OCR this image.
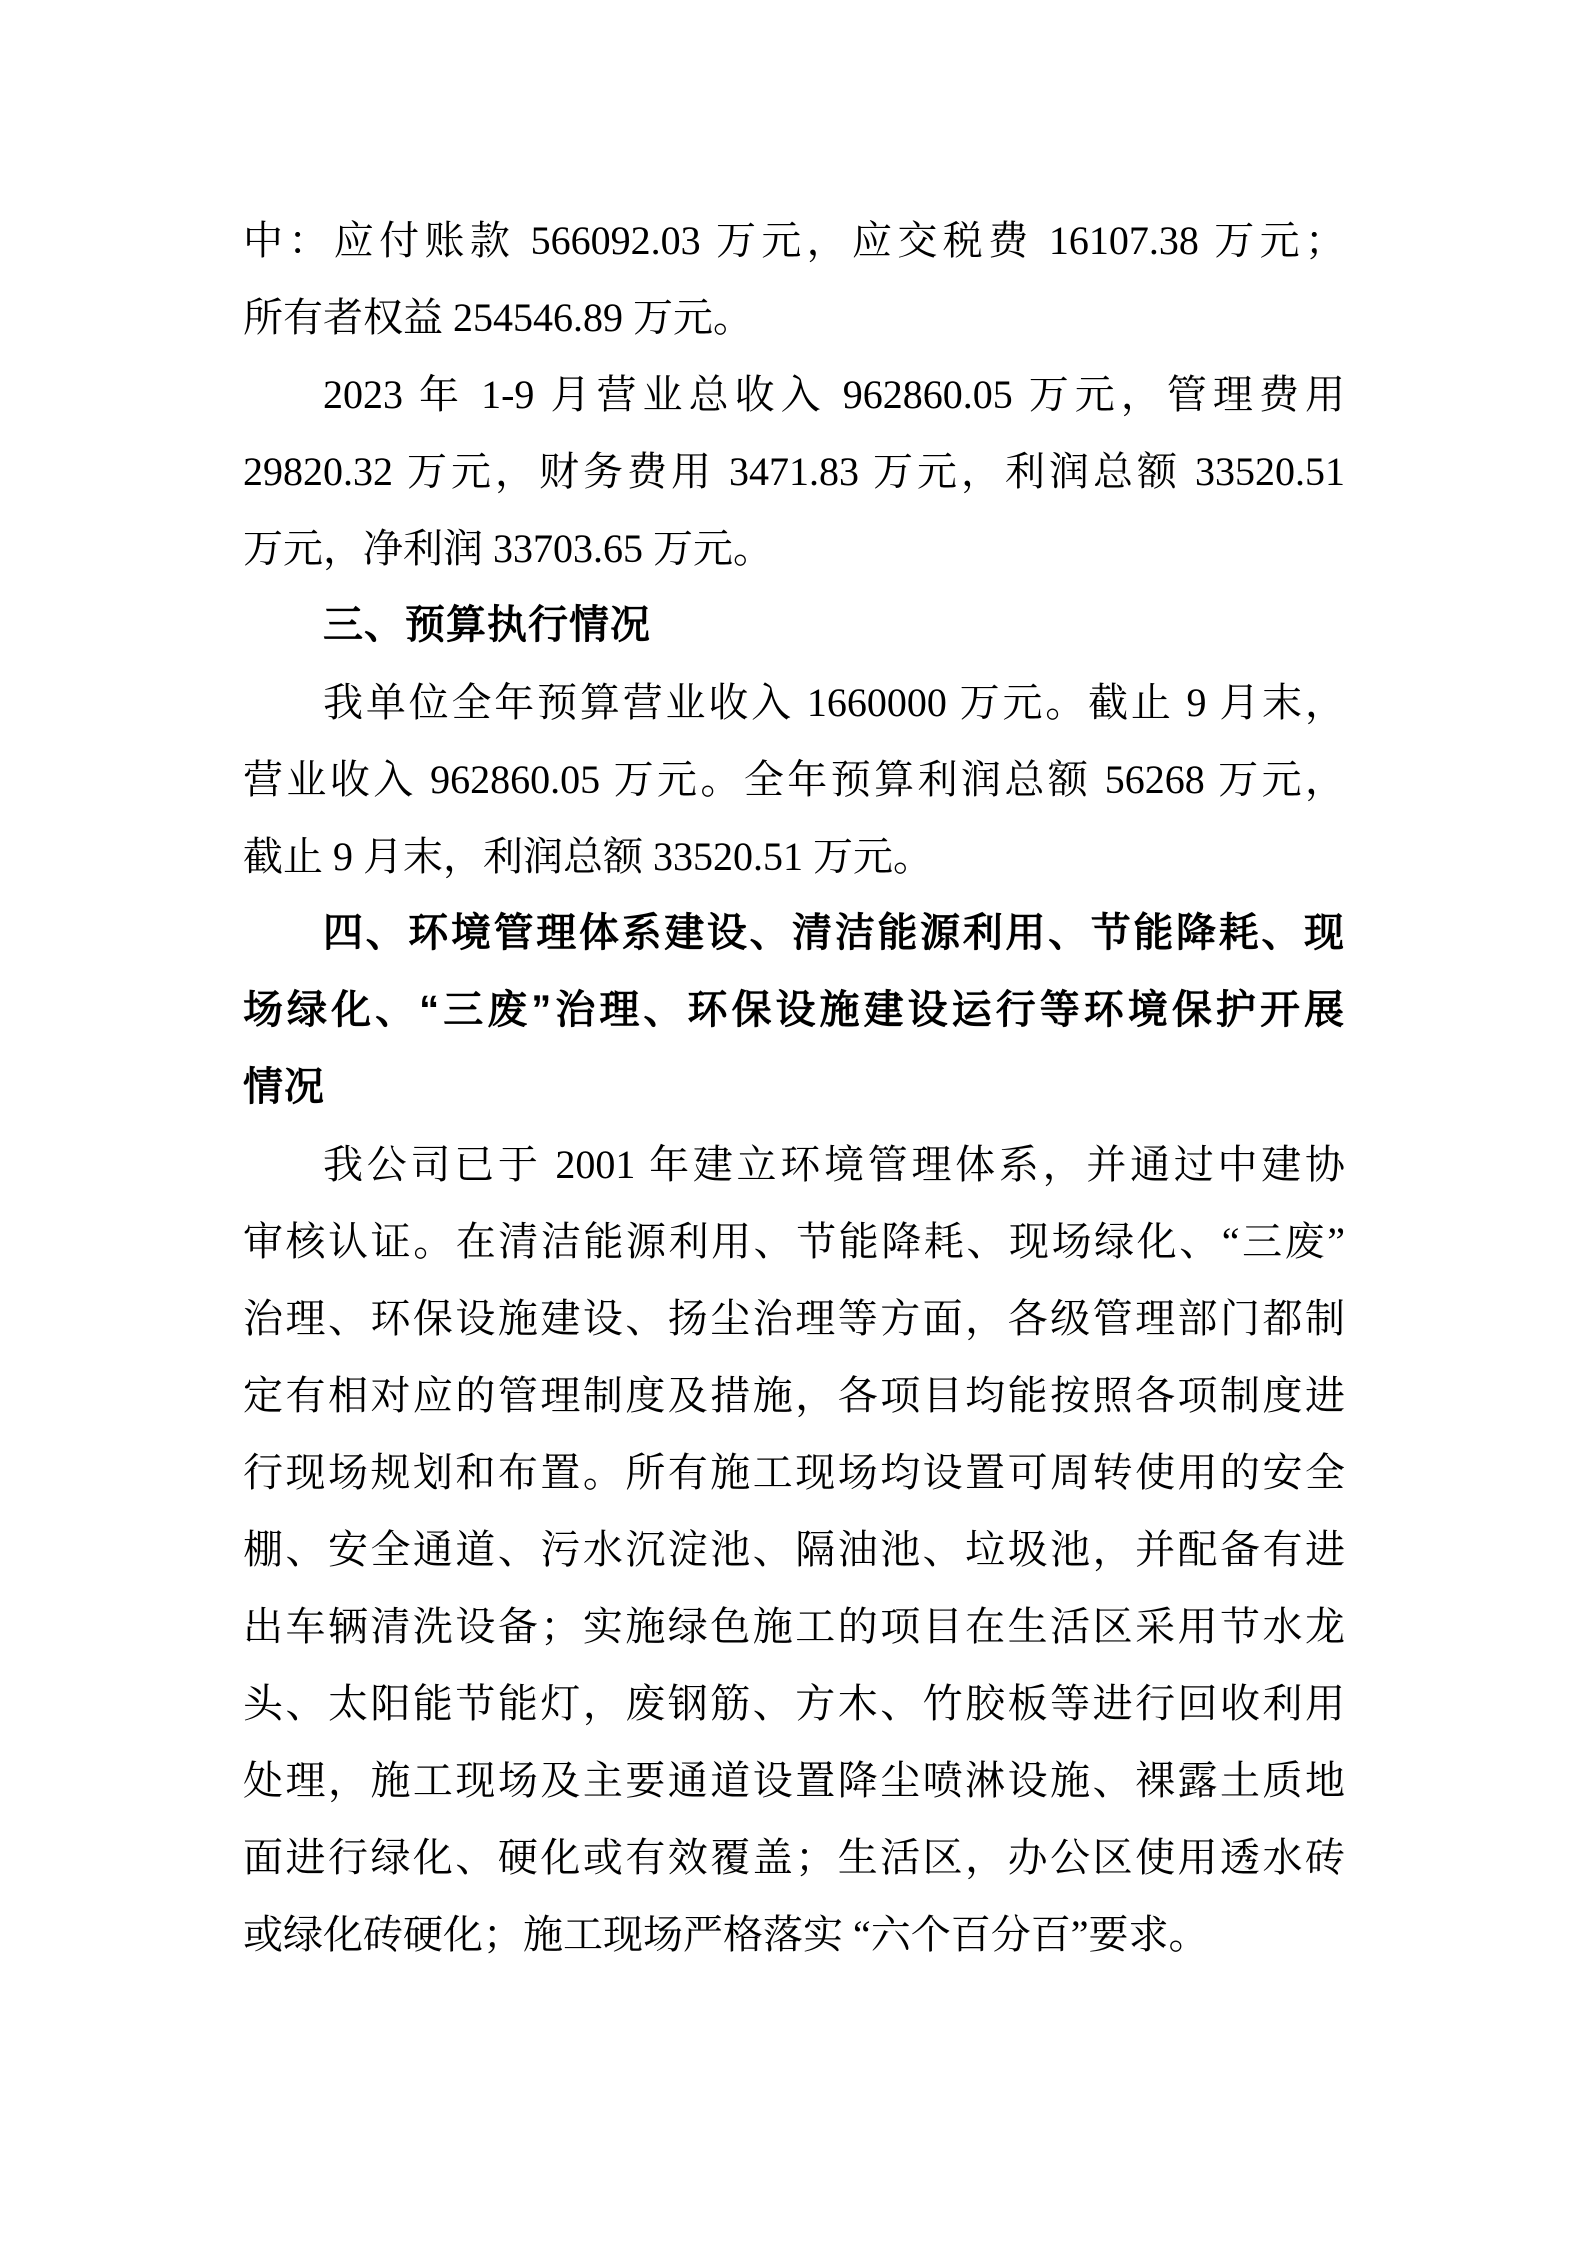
中：应付账款 566092.03 万元，应交税费 16107.38 万元；
所有者权益 254546.89 万元。
2023 年 1-9 月营业总收入 962860.05 万元，管理费用
29820.32 万元，财务费用 3471.83 万元，利润总额 33520.51
万元，净利润 33703.65 万元。
三、预算执行情况
我单位全年预算营业收入 1660000 万元。截止 9 月末，
营业收入 962860.05 万元。全年预算利润总额 56268 万元，
截止 9 月末，利润总额 33520.51 万元。
四、环境管理体系建设、清洁能源利用、节能降耗、现
场绿化、“三废”治理、环保设施建设运行等环境保护开展
情况
我公司已于 2001 年建立环境管理体系，并通过中建协
审核认证。在清洁能源利用、节能降耗、现场绿化、“三废”
治理、环保设施建设、扬尘治理等方面，各级管理部门都制
定有相对应的管理制度及措施，各项目均能按照各项制度进
行现场规划和布置。所有施工现场均设置可周转使用的安全
棚、安全通道、污水沉淀池、隔油池、垃圾池，并配备有进
出车辆清洗设备；实施绿色施工的项目在生活区采用节水龙
头、太阳能节能灯，废钢筋、方木、竹胶板等进行回收利用
处理，施工现场及主要通道设置降尘喷淋设施、裸露土质地
面进行绿化、硬化或有效覆盖；生活区，办公区使用透水砖
或绿化砖硬化；施工现场严格落实 “六个百分百”要求。
